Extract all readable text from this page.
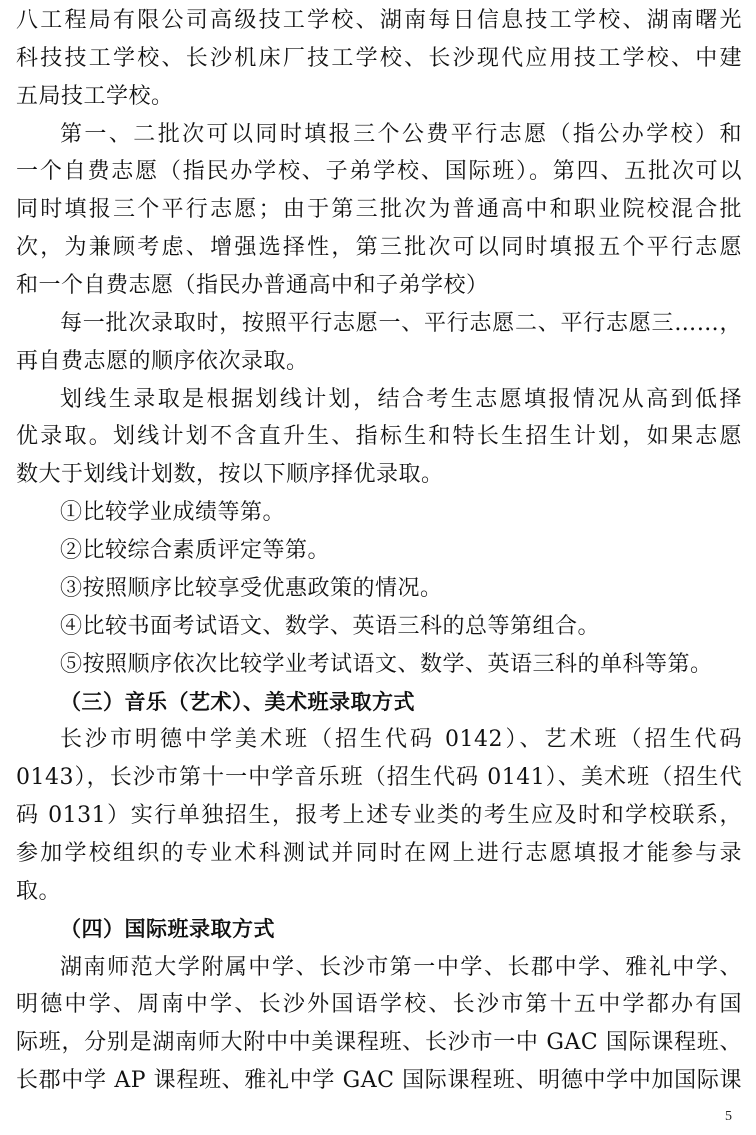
八工程局有限公司高级技工学校、湖南每日信息技工学校、湖南曙光
科技技工学校、长沙机床厂技工学校、长沙现代应用技工学校、中建
五局技工学校。
第一、二批次可以同时填报三个公费平行志愿（指公办学校）和
一个自费志愿（指民办学校、子弟学校、国际班）。第四、五批次可以
同时填报三个平行志愿；由于第三批次为普通高中和职业院校混合批
次，为兼顾考虑、增强选择性，第三批次可以同时填报五个平行志愿
和一个自费志愿（指民办普通高中和子弟学校）
每一批次录取时，按照平行志愿一、平行志愿二、平行志愿三……，
再自费志愿的顺序依次录取。
划线生录取是根据划线计划，结合考生志愿填报情况从高到低择
优录取。划线计划不含直升生、指标生和特长生招生计划，如果志愿
数大于划线计划数，按以下顺序择优录取。
①比较学业成绩等第。
②比较综合素质评定等第。
③按照顺序比较享受优惠政策的情况。
④比较书面考试语文、数学、英语三科的总等第组合。
⑤按照顺序依次比较学业考试语文、数学、英语三科的单科等第。
（三）音乐（艺术）、美术班录取方式
长沙市明德中学美术班（招生代码 0142）、艺术班（招生代码
0143），长沙市第十一中学音乐班（招生代码 0141）、美术班（招生代
码 0131）实行单独招生，报考上述专业类的考生应及时和学校联系，
参加学校组织的专业术科测试并同时在网上进行志愿填报才能参与录
取。
（四）国际班录取方式
湖南师范大学附属中学、长沙市第一中学、长郡中学、雅礼中学、
明德中学、周南中学、长沙外国语学校、长沙市第十五中学都办有国
际班，分别是湖南师大附中中美课程班、长沙市一中 GAC 国际课程班、
长郡中学 AP 课程班、雅礼中学 GAC 国际课程班、明德中学中加国际课
5
